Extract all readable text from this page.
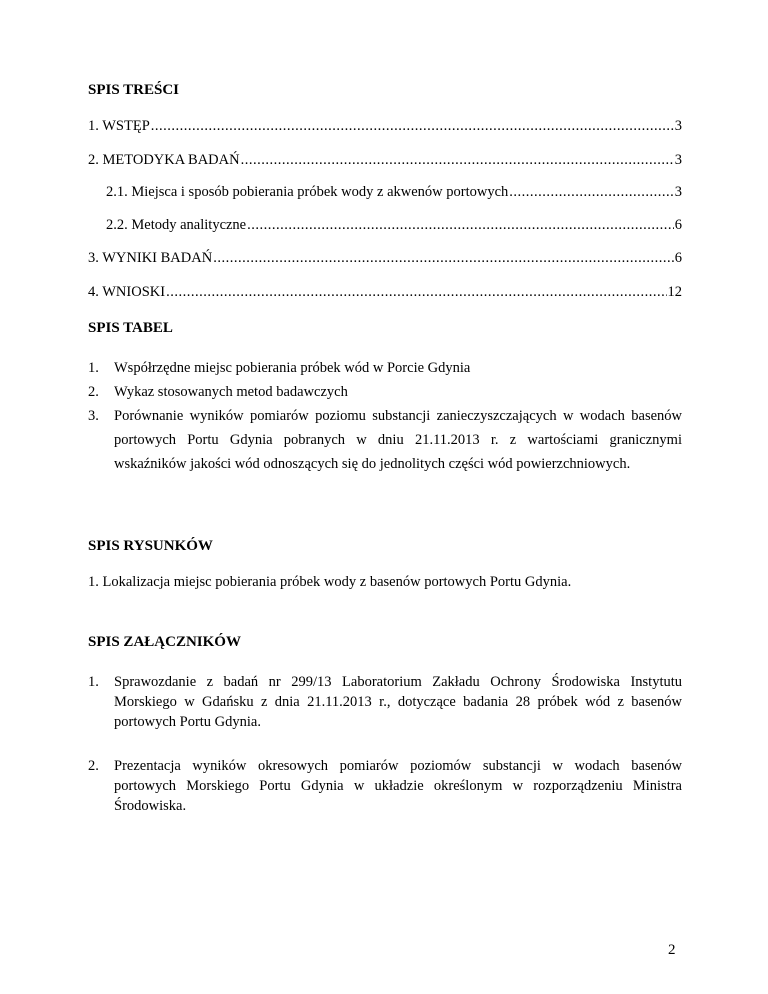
SPIS TREŚCI
1. WSTĘP .....	3
2. METODYKA BADAŃ .....	3
2.1. Miejsca i sposób pobierania próbek wody z akwenów portowych .....	3
2.2. Metody analityczne .....	6
3. WYNIKI BADAŃ .....	6
4. WNIOSKI .....	12
SPIS TABEL
1.	Współrzędne miejsc pobierania próbek wód w Porcie Gdynia
2.	Wykaz stosowanych metod badawczych
3.	Porównanie wyników pomiarów poziomu substancji zanieczyszczających w wodach basenów portowych Portu Gdynia pobranych w dniu 21.11.2013 r. z wartościami granicznymi wskaźników jakości wód odnoszących się do jednolitych części wód powierzchniowych.
SPIS RYSUNKÓW
1. Lokalizacja miejsc pobierania próbek wody z basenów portowych Portu Gdynia.
SPIS ZAŁĄCZNIKÓW
1.	Sprawozdanie z badań nr 299/13 Laboratorium Zakładu Ochrony Środowiska Instytutu Morskiego w Gdańsku z dnia 21.11.2013 r., dotyczące badania 28 próbek wód z basenów portowych Portu Gdynia.
2.	Prezentacja wyników okresowych pomiarów poziomów substancji w wodach basenów portowych Morskiego Portu Gdynia w układzie określonym w rozporządzeniu Ministra Środowiska.
2
